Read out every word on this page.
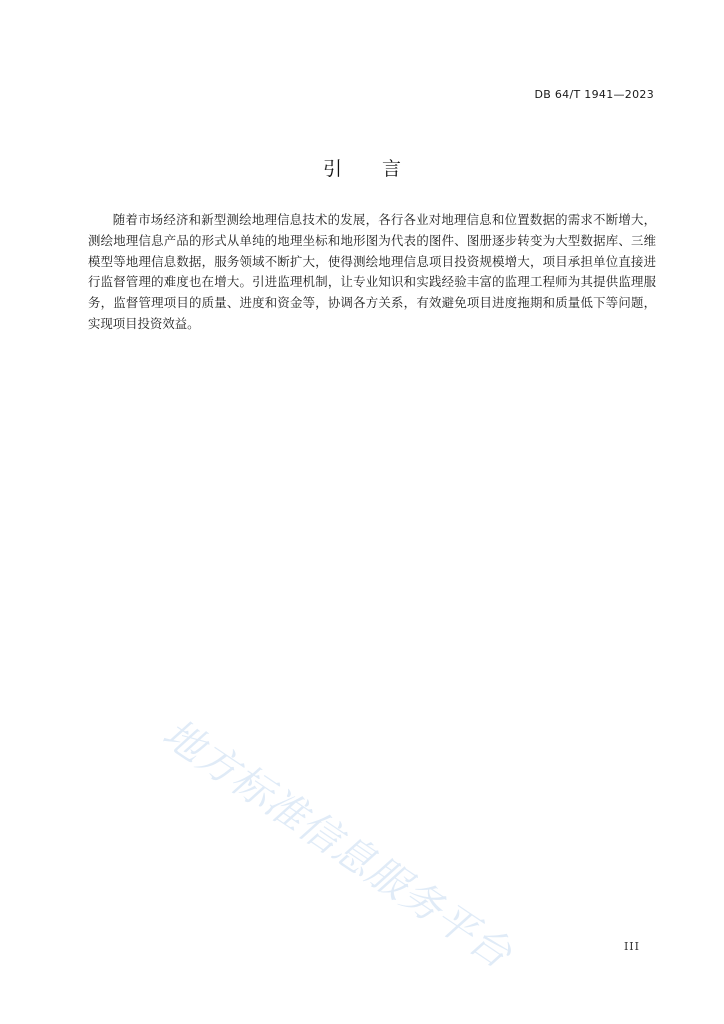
DB 64/T 1941—2023
引 言

随着市场经济和新型测绘地理信息技术的发展，各行各业对地理信息和位置数据的需求不断增大，测绘地理信息产品的形式从单纯的地理坐标和地形图为代表的图件、图册逐步转变为大型数据库、三维模型等地理信息数据，服务领域不断扩大，使得测绘地理信息项目投资规模增大，项目承担单位直接进行监督管理的难度也在增大。引进监理机制，让专业知识和实践经验丰富的监理工程师为其提供监理服务，监督管理项目的质量、进度和资金等，协调各方关系，有效避免项目进度拖期和质量低下等问题，实现项目投资效益。

地方标准信息服务平台	III
